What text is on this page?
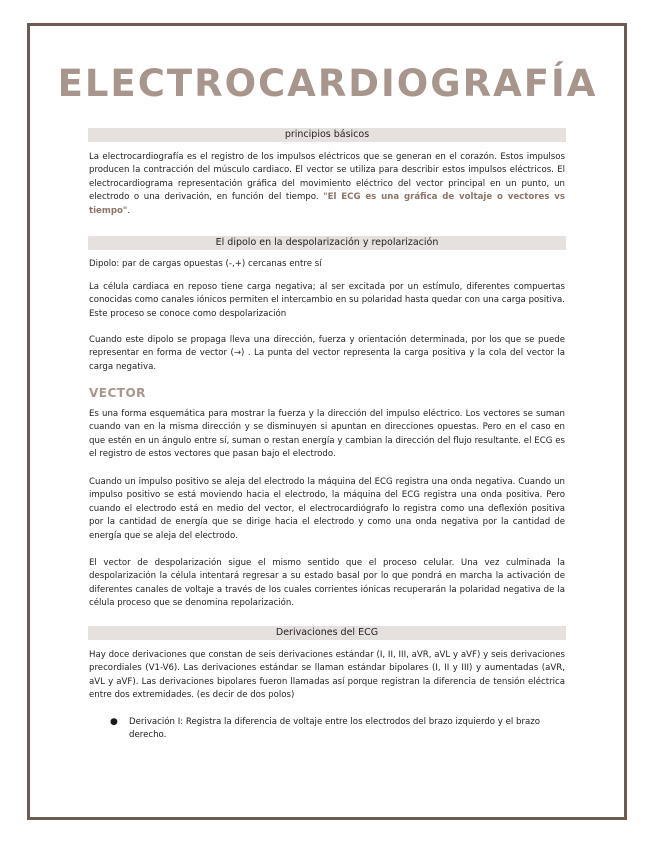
ELECTROCARDIOGRAFÍA
principios básicos

La electrocardiografía es el registro de los impulsos eléctricos que se generan en el corazón. Estos impulsos producen la contracción del músculo cardiaco. El vector se utiliza para describir estos impulsos eléctricos. El electrocardiograma representación gráfica del movimiento eléctrico del vector principal en un punto, un electrodo o una derivación, en función del tiempo. "El ECG es una gráfica de voltaje o vectores vs tiempo".

El dipolo en la despolarización y repolarización

Dipolo: par de cargas opuestas (-,+) cercanas entre sí

La célula cardiaca en reposo tiene carga negativa; al ser excitada por un estímulo, diferentes compuertas conocidas como canales iónicos permiten el intercambio en su polaridad hasta quedar con una carga positiva. Este proceso se conoce como despolarización

Cuando este dipolo se propaga lleva una dirección, fuerza y orientación determinada, por los que se puede representar en forma de vector (→) . La punta del vector representa la carga positiva y la cola del vector la carga negativa.

VECTOR

Es una forma esquemática para mostrar la fuerza y la dirección del impulso eléctrico. Los vectores se suman cuando van en la misma dirección y se disminuyen si apuntan en direcciones opuestas. Pero en el caso en que estén en un ángulo entre sí, suman o restan energía y cambian la dirección del flujo resultante. el ECG es el registro de estos vectores que pasan bajo el electrodo.

Cuando un impulso positivo se aleja del electrodo la máquina del ECG registra una onda negativa. Cuando un impulso positivo se está moviendo hacia el electrodo, la máquina del ECG registra una onda positiva. Pero cuando el electrodo está en medio del vector, el electrocardiógrafo lo registra como una deflexión positiva por la cantidad de energía que se dirige hacia el electrodo y como una onda negativa por la cantidad de energía que se aleja del electrodo.

El vector de despolarización sigue el mismo sentido que el proceso celular. Una vez culminada la despolarización la célula intentará regresar a su estado basal por lo que pondrá en marcha la activación de diferentes canales de voltaje a través de los cuales corrientes iónicas recuperarán la polaridad negativa de la célula proceso que se denomina repolarización.

Derivaciones del ECG

Hay doce derivaciones que constan de seis derivaciones estándar (I, II, III, aVR, aVL y aVF) y seis derivaciones precordiales (V1-V6). Las derivaciones estándar se llaman estándar bipolares (I, II y III) y aumentadas (aVR, aVL y aVF). Las derivaciones bipolares fueron llamadas así porque registran la diferencia de tensión eléctrica entre dos extremidades. (es decir de dos polos)

● Derivación I: Registra la diferencia de voltaje entre los electrodos del brazo izquierdo y el brazo derecho.
